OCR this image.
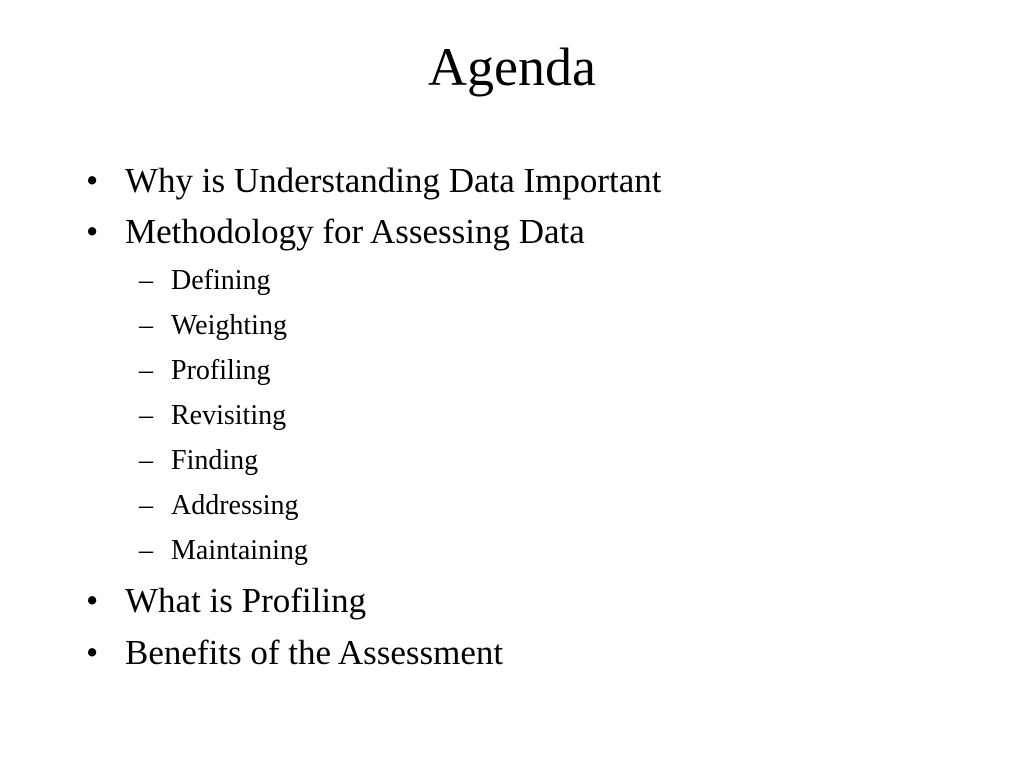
Agenda
• Why is Understanding Data Important
• Methodology for Assessing Data
– Defining
– Weighting
– Profiling
– Revisiting
– Finding
– Addressing
– Maintaining
• What is Profiling
• Benefits of the Assessment
